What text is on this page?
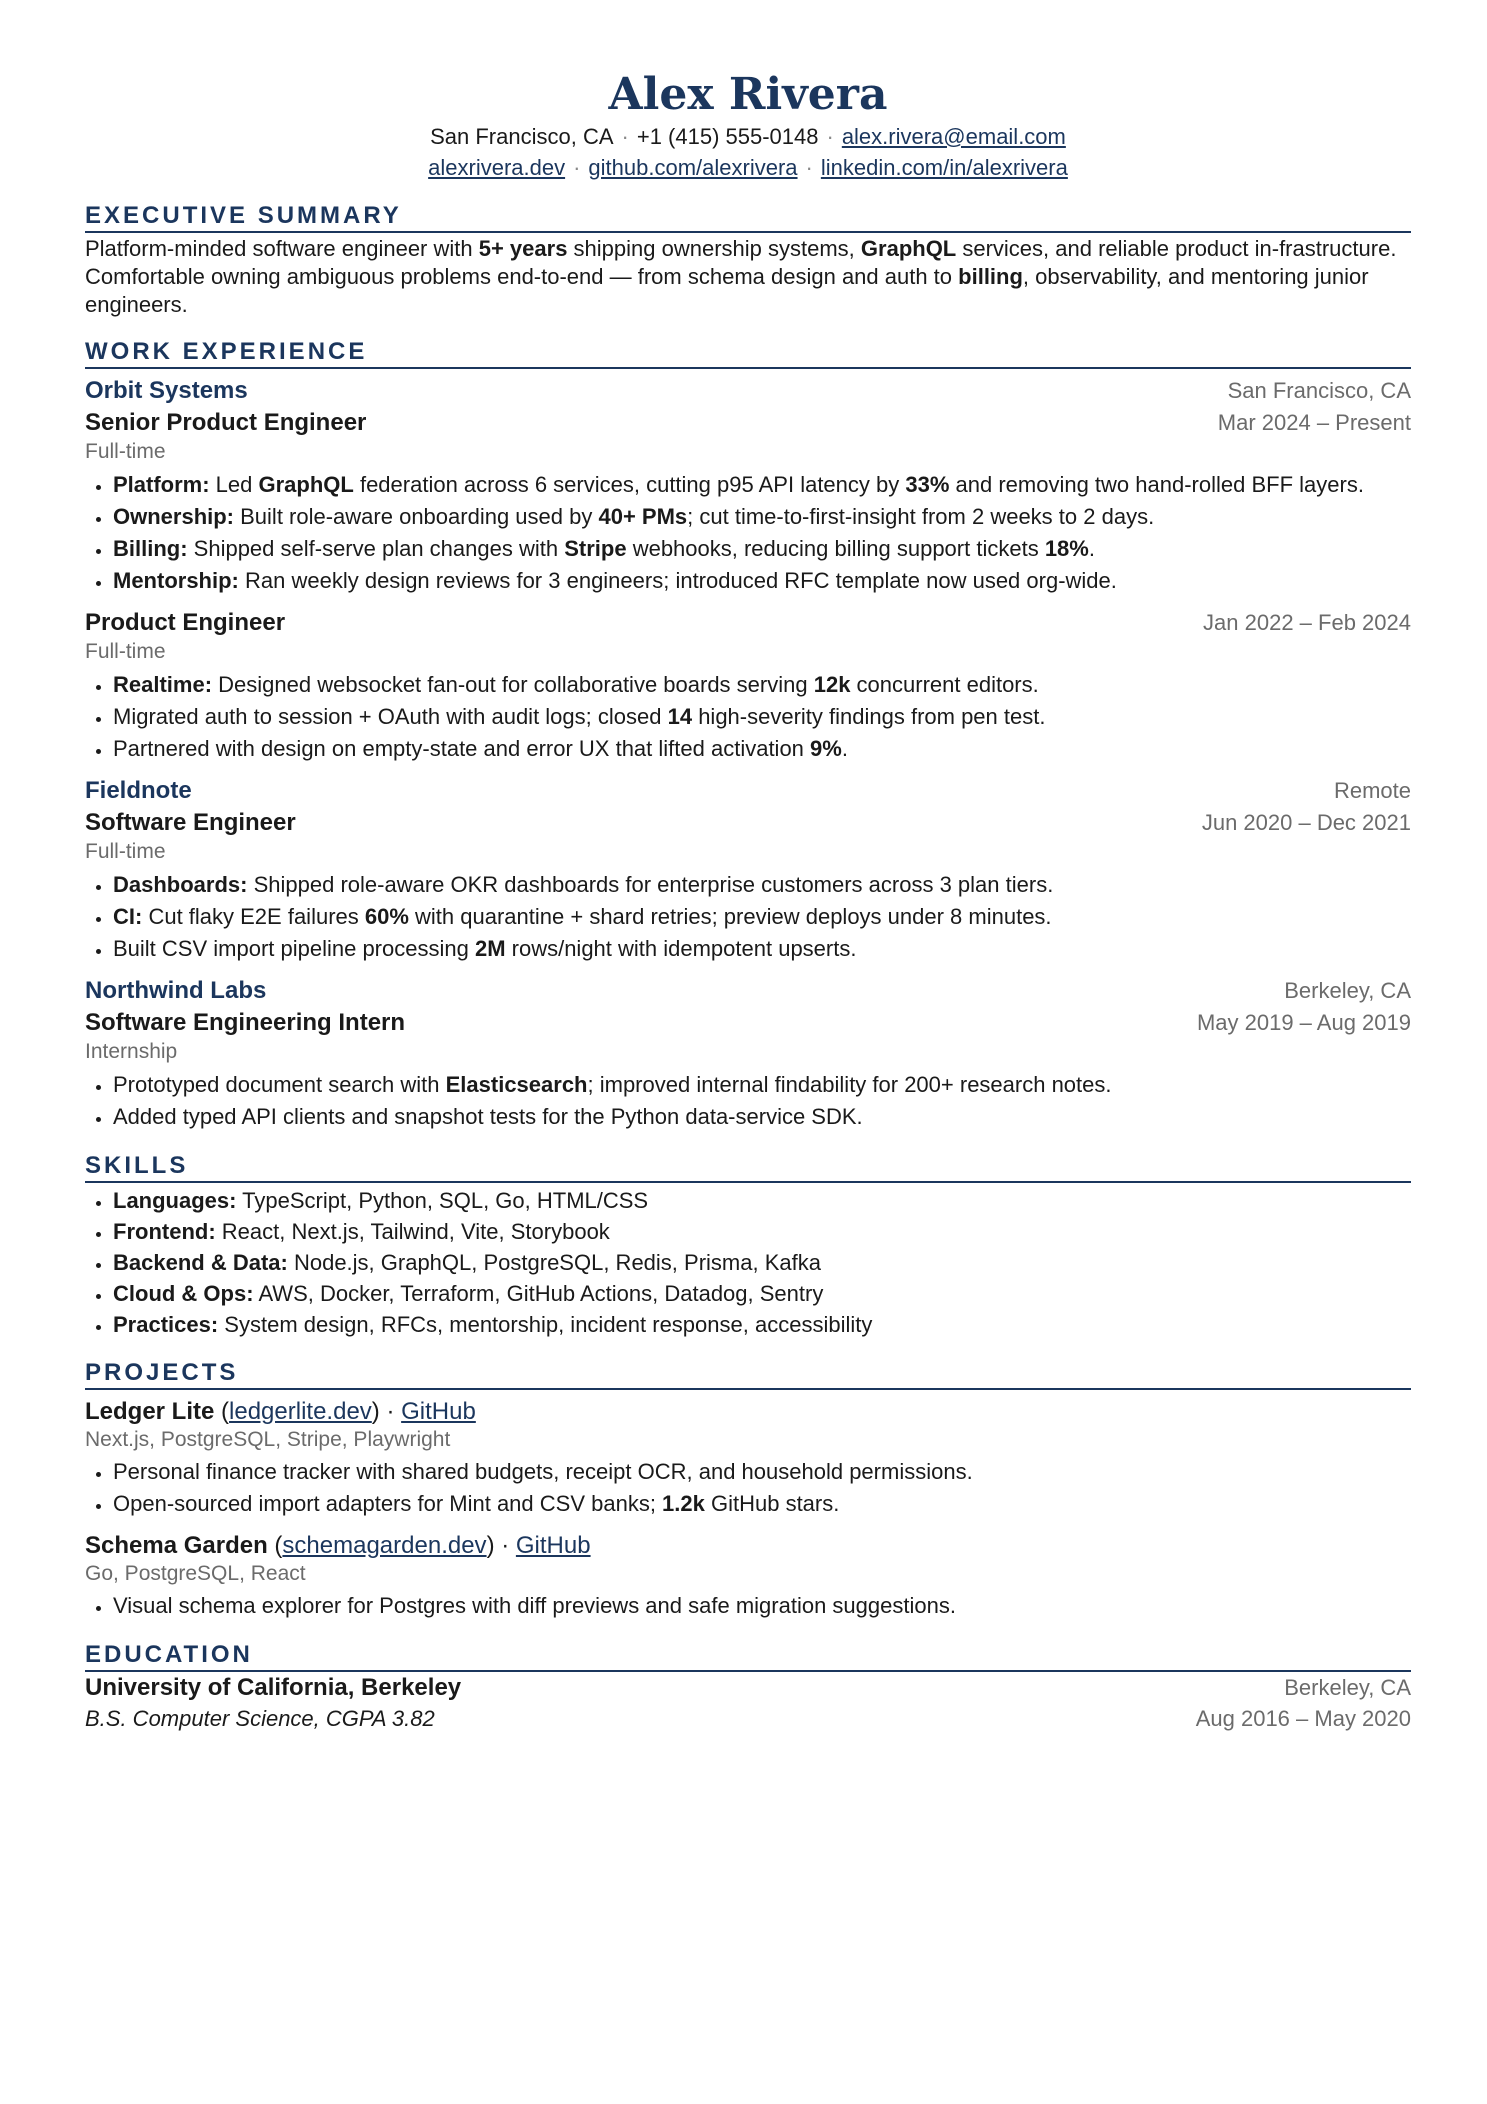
Alex Rivera
San Francisco, CA · +1 (415) 555-0148 · alex.rivera@email.com
alexrivera.dev · github.com/alexrivera · linkedin.com/in/alexrivera
EXECUTIVE SUMMARY
Platform-minded software engineer with 5+ years shipping ownership systems, GraphQL services, and reliable product in-frastructure. Comfortable owning ambiguous problems end-to-end — from schema design and auth to billing, observability, and mentoring junior engineers.
WORK EXPERIENCE
Orbit Systems	San Francisco, CA
Senior Product Engineer	Mar 2024 – Present
Full-time
• Platform: Led GraphQL federation across 6 services, cutting p95 API latency by 33% and removing two hand-rolled BFF layers.
• Ownership: Built role-aware onboarding used by 40+ PMs; cut time-to-first-insight from 2 weeks to 2 days.
• Billing: Shipped self-serve plan changes with Stripe webhooks, reducing billing support tickets 18%.
• Mentorship: Ran weekly design reviews for 3 engineers; introduced RFC template now used org-wide.
Product Engineer	Jan 2022 – Feb 2024
Full-time
• Realtime: Designed websocket fan-out for collaborative boards serving 12k concurrent editors.
• Migrated auth to session + OAuth with audit logs; closed 14 high-severity findings from pen test.
• Partnered with design on empty-state and error UX that lifted activation 9%.
Fieldnote	Remote
Software Engineer	Jun 2020 – Dec 2021
Full-time
• Dashboards: Shipped role-aware OKR dashboards for enterprise customers across 3 plan tiers.
• CI: Cut flaky E2E failures 60% with quarantine + shard retries; preview deploys under 8 minutes.
• Built CSV import pipeline processing 2M rows/night with idempotent upserts.
Northwind Labs	Berkeley, CA
Software Engineering Intern	May 2019 – Aug 2019
Internship
• Prototyped document search with Elasticsearch; improved internal findability for 200+ research notes.
• Added typed API clients and snapshot tests for the Python data-service SDK.
SKILLS
• Languages: TypeScript, Python, SQL, Go, HTML/CSS
• Frontend: React, Next.js, Tailwind, Vite, Storybook
• Backend & Data: Node.js, GraphQL, PostgreSQL, Redis, Prisma, Kafka
• Cloud & Ops: AWS, Docker, Terraform, GitHub Actions, Datadog, Sentry
• Practices: System design, RFCs, mentorship, incident response, accessibility
PROJECTS
Ledger Lite (ledgerlite.dev) · GitHub
Next.js, PostgreSQL, Stripe, Playwright
• Personal finance tracker with shared budgets, receipt OCR, and household permissions.
• Open-sourced import adapters for Mint and CSV banks; 1.2k GitHub stars.
Schema Garden (schemagarden.dev) · GitHub
Go, PostgreSQL, React
• Visual schema explorer for Postgres with diff previews and safe migration suggestions.
EDUCATION
University of California, Berkeley	Berkeley, CA
B.S. Computer Science, CGPA 3.82	Aug 2016 – May 2020
